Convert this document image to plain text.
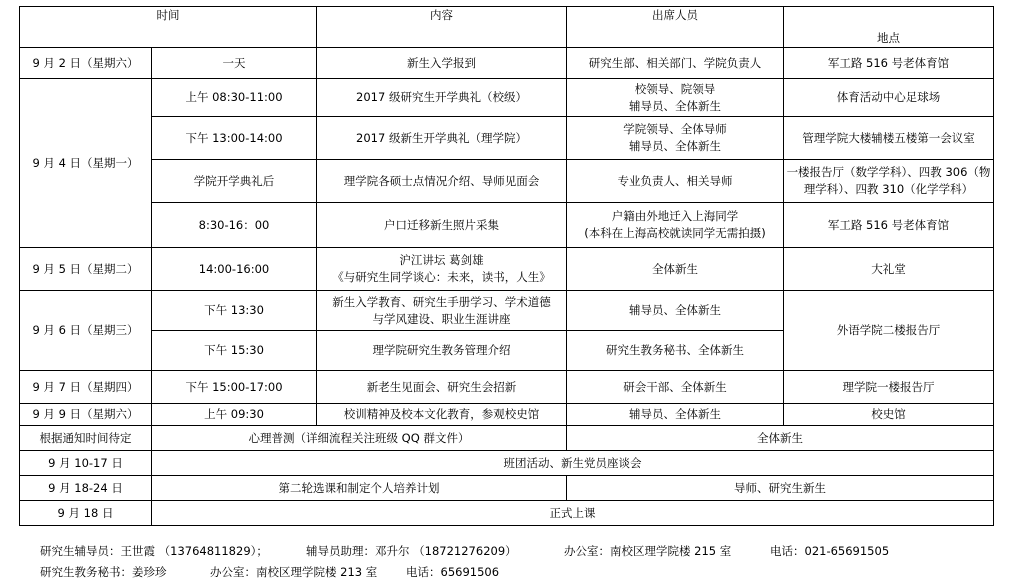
时间		内容	出席人员	地点
9 月 2 日（星期六）	一天	新生入学报到	研究生部、相关部门、学院负责人	军工路 516 号老体育馆
9 月 4 日（星期一）	上午 08:30-11:00	2017 级研究生开学典礼（校级）	校领导、院领导
辅导员、全体新生	体育活动中心足球场
	下午 13:00-14:00	2017 级新生开学典礼（理学院）	学院领导、全体导师
辅导员、全体新生	管理学院大楼辅楼五楼第一会议室
	学院开学典礼后	理学院各硕士点情况介绍、导师见面会	专业负责人、相关导师	一楼报告厅（数学学科）、四教 306（物
理学科）、四教 310（化学学科）

	8:30-16：00	户口迁移新生照片采集	户籍由外地迁入上海同学
(本科在上海高校就读同学无需拍摄)	军工路 516 号老体育馆
9 月 5 日（星期二）	14:00-16:00	沪江讲坛 葛剑雄
《与研究生同学谈心：未来，读书，人生》	全体新生	大礼堂
9 月 6 日（星期三）	下午 13:30	新生入学教育、研究生手册学习、学术道德
与学风建设、职业生涯讲座	辅导员、全体新生	外语学院二楼报告厅
	下午 15:30	理学院研究生教务管理介绍	研究生教务秘书、全体新生	
9 月 7 日（星期四）	下午 15:00-17:00	新老生见面会、研究生会招新	研会干部、全体新生	理学院一楼报告厅
9 月 9 日（星期六）	上午 09:30	校训精神及校本文化教育，参观校史馆	辅导员、全体新生	校史馆
根据通知时间待定	心理普测（详细流程关注班级 QQ 群文件）		全体新生	
9 月 10-17 日	班团活动、新生党员座谈会			
9 月 18-24 日	第二轮选课和制定个人培养计划		导师、研究生新生	
9 月 18 日	正式上课			
研究生辅导员：王世霞 （13764811829）；	辅导员助理：邓升尔 （18721276209）	办公室：南校区理学院楼 215 室	电话：021-65691505
研究生教务秘书：姜珍珍	办公室：南校区理学院楼 213 室 电话：65691506
